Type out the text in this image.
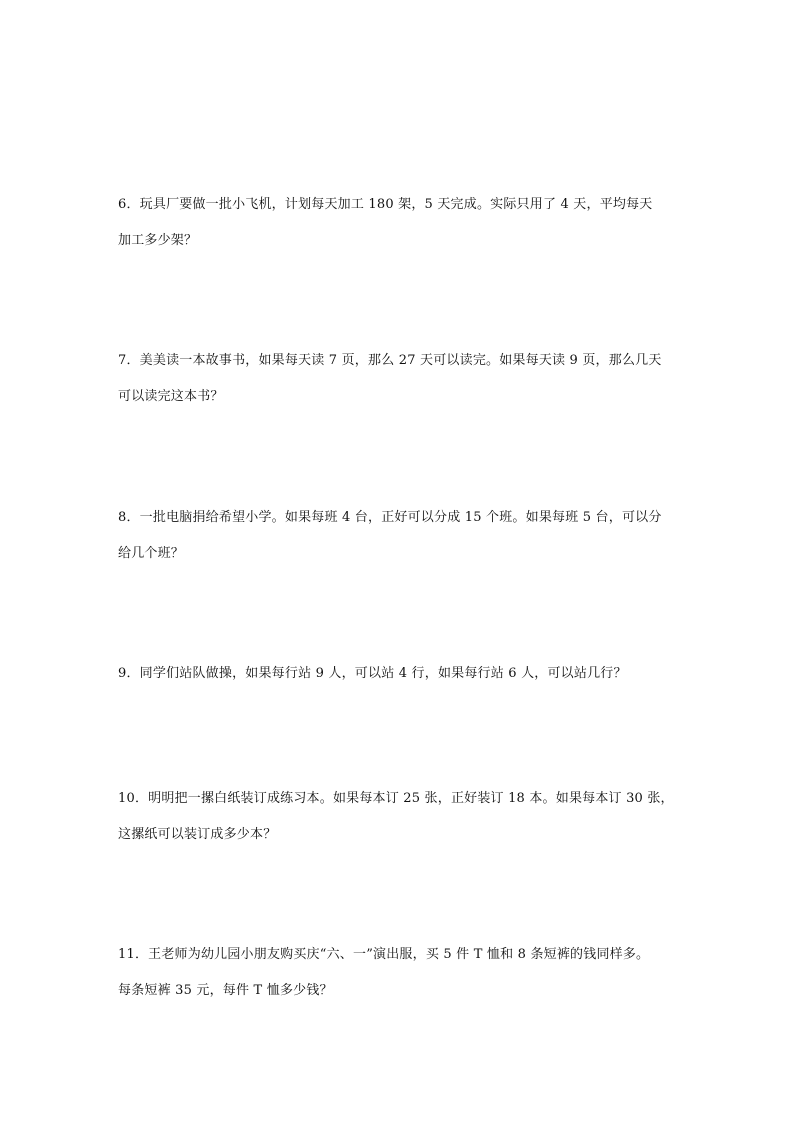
6．玩具厂要做一批小飞机，计划每天加工 180 架，5 天完成。实际只用了 4 天，平均每天
加工多少架？
7．美美读一本故事书，如果每天读 7 页，那么 27 天可以读完。如果每天读 9 页，那么几天
可以读完这本书？
8．一批电脑捐给希望小学。如果每班 4 台，正好可以分成 15 个班。如果每班 5 台，可以分
给几个班？
9．同学们站队做操，如果每行站 9 人，可以站 4 行，如果每行站 6 人，可以站几行？
10．明明把一摞白纸装订成练习本。如果每本订 25 张，正好装订 18 本。如果每本订 30 张，
这摞纸可以装订成多少本？
11．王老师为幼儿园小朋友购买庆“六、一”演出服，买 5 件 T 恤和 8 条短裤的钱同样多。
每条短裤 35 元，每件 T 恤多少钱？
